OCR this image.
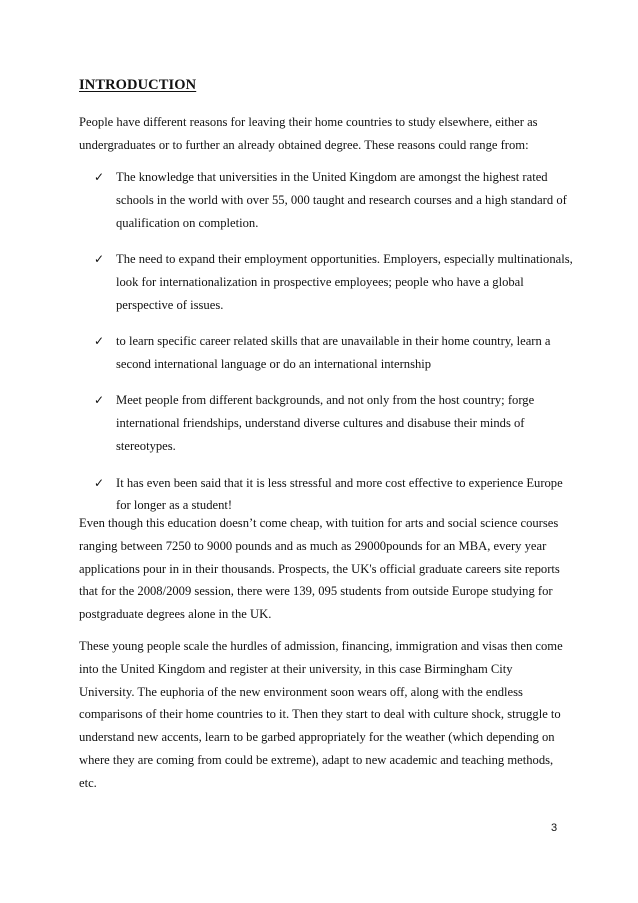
INTRODUCTION
People have different reasons for leaving their home countries to study elsewhere, either as undergraduates or to further an already obtained degree. These reasons could range from:
✓ The knowledge that universities in the United Kingdom are amongst the highest rated schools in the world with over 55, 000 taught and research courses and a high standard of qualification on completion.
✓ The need to expand their employment opportunities. Employers, especially multinationals, look for internationalization in prospective employees; people who have a global perspective of issues.
✓ to learn specific career related skills that are unavailable in their home country, learn a second international language or do an international internship
✓ Meet people from different backgrounds, and not only from the host country; forge international friendships, understand diverse cultures and disabuse their minds of stereotypes.
✓ It has even been said that it is less stressful and more cost effective to experience Europe for longer as a student!
Even though this education doesn’t come cheap, with tuition for arts and social science courses ranging between 7250 to 9000 pounds and as much as 29000pounds for an MBA, every year applications pour in in their thousands. Prospects, the UK's official graduate careers site reports that for the 2008/2009 session, there were 139, 095 students from outside Europe studying for postgraduate degrees alone in the UK.
These young people scale the hurdles of admission, financing, immigration and visas then come into the United Kingdom and register at their university, in this case Birmingham City University. The euphoria of the new environment soon wears off, along with the endless comparisons of their home countries to it. Then they start to deal with culture shock, struggle to understand new accents, learn to be garbed appropriately for the weather (which depending on where they are coming from could be extreme), adapt to new academic and teaching methods, etc.
3
